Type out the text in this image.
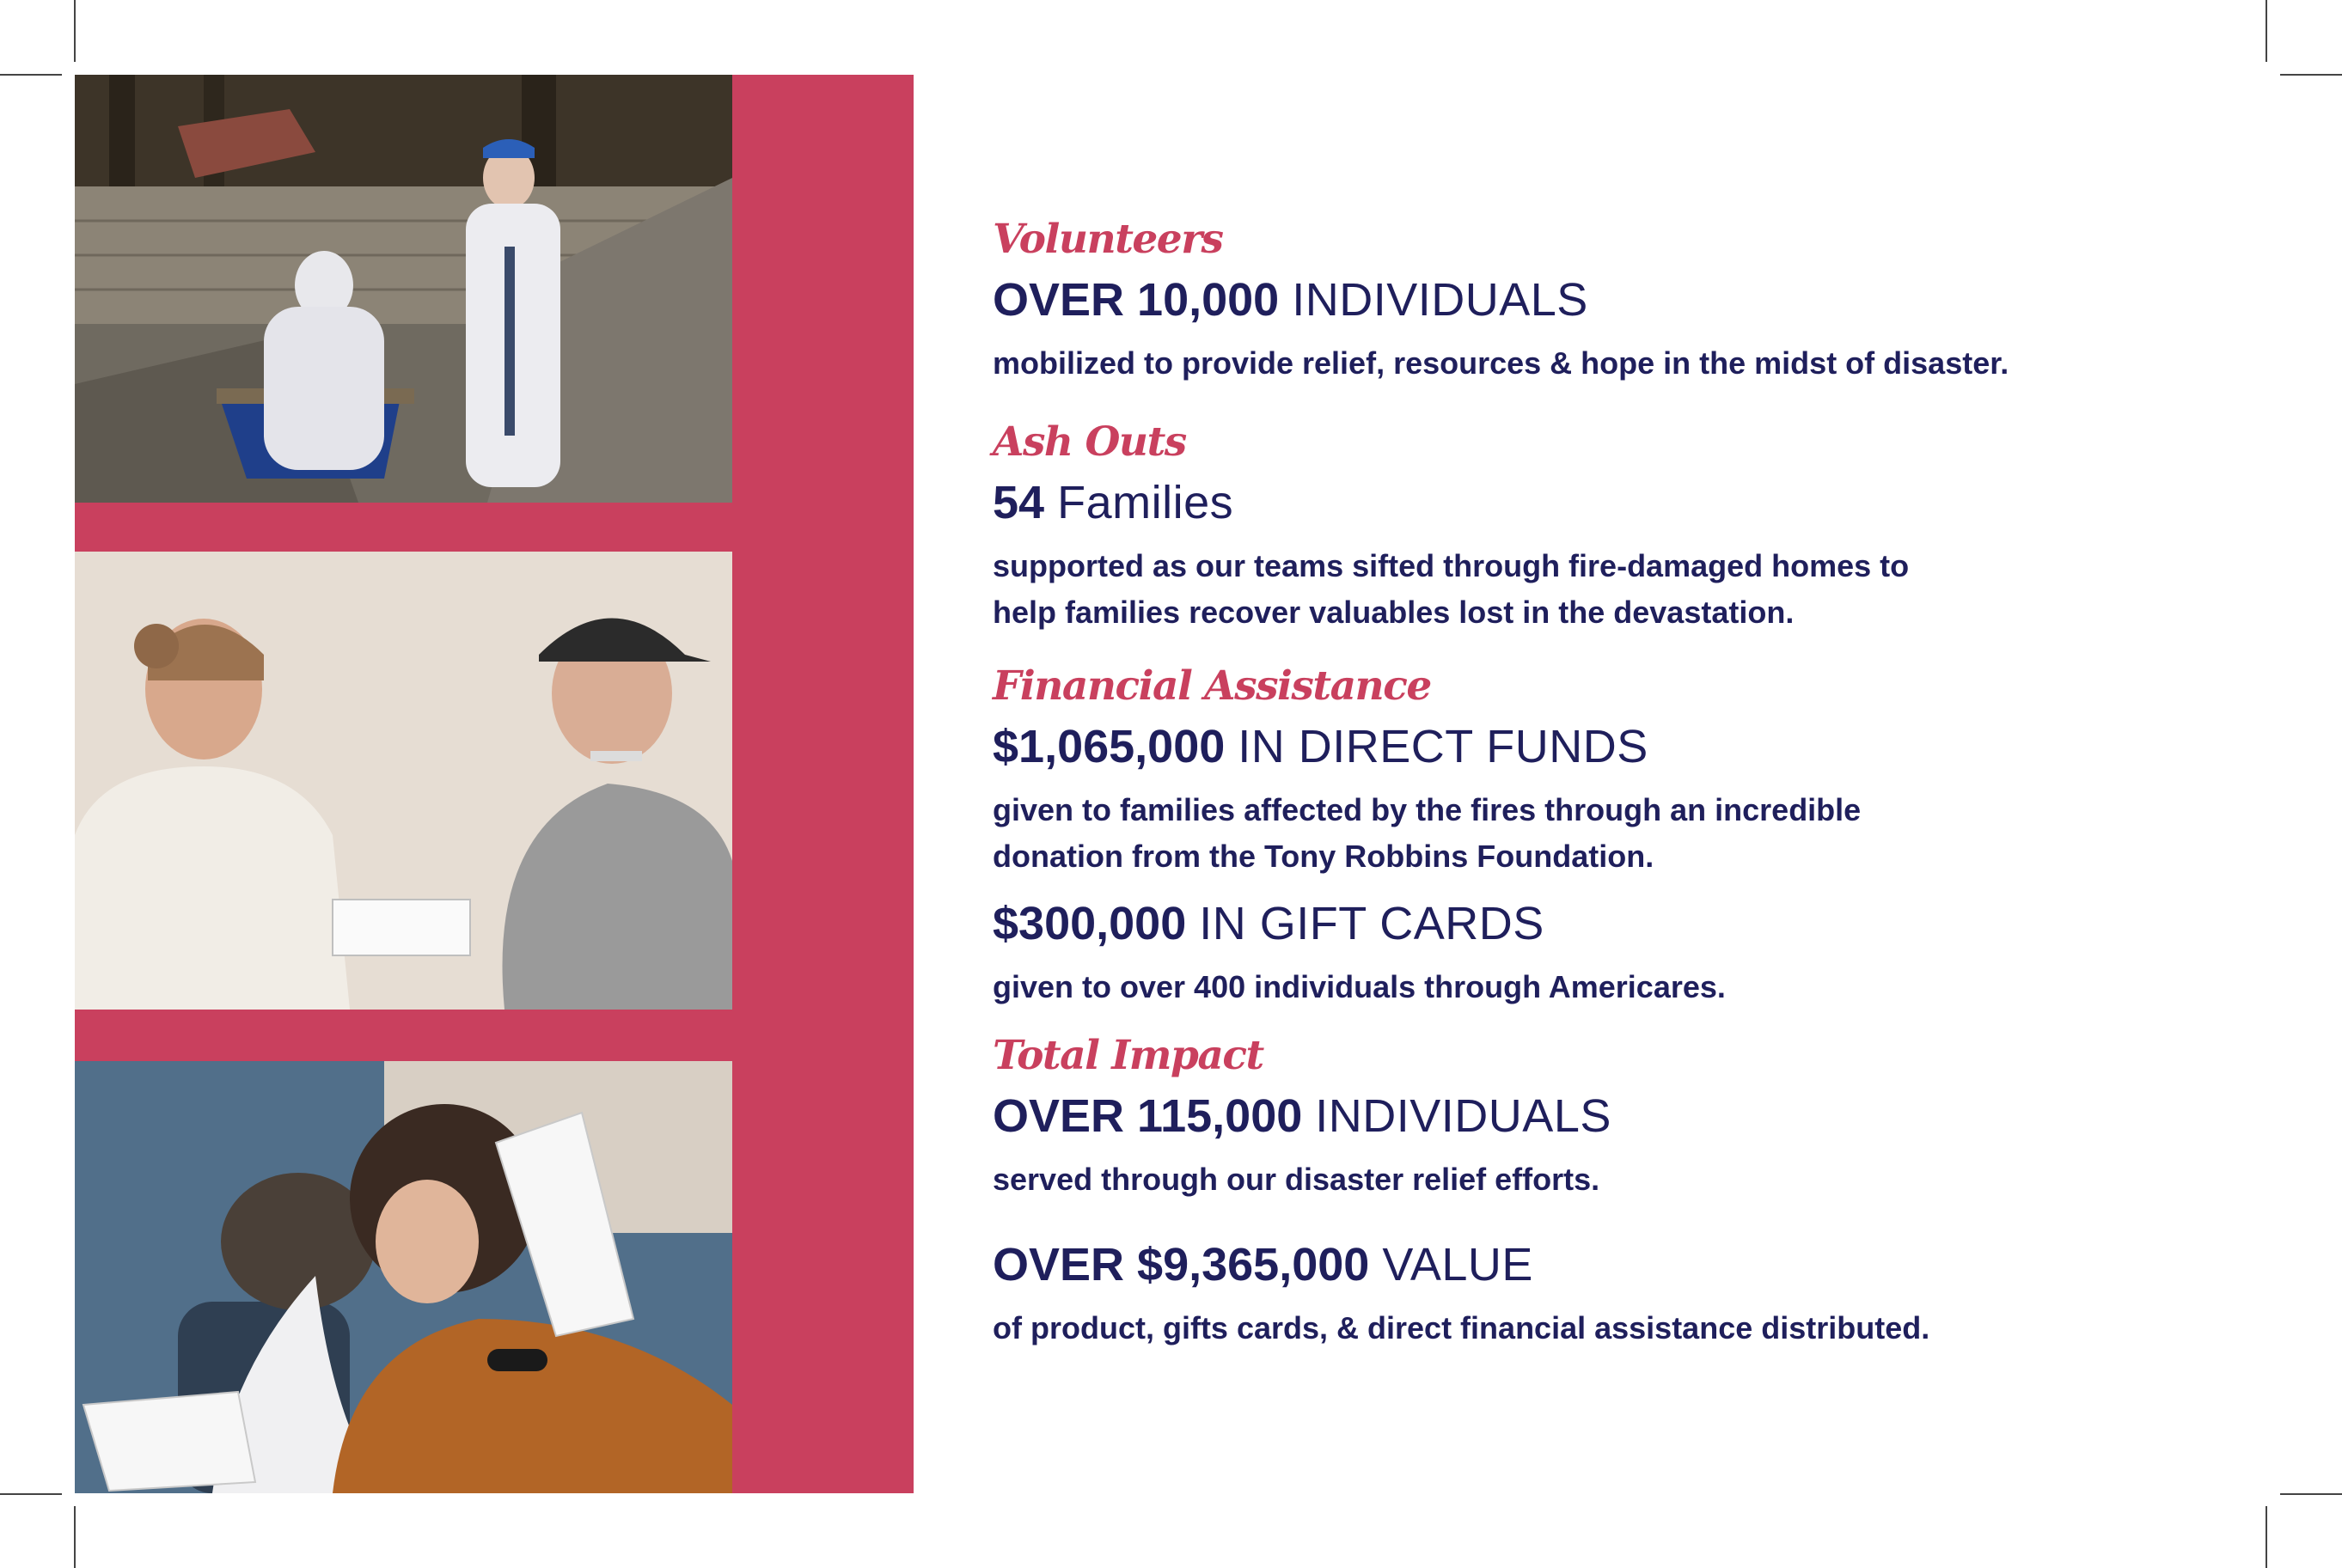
Volunteers
OVER 10,000 INDIVIDUALS
mobilized to provide relief, resources & hope in the midst of disaster.
Ash Outs
54 Families
supported as our teams sifted through fire-damaged homes to
help families recover valuables lost in the devastation.
Financial Assistance
$1,065,000 IN DIRECT FUNDS
given to families affected by the fires through an incredible
donation from the Tony Robbins Foundation.
$300,000 IN GIFT CARDS
given to over 400 individuals through Americares.
Total Impact
OVER 115,000 INDIVIDUALS
served through our disaster relief efforts.
OVER $9,365,000 VALUE
of product, gifts cards, & direct financial assistance distributed.
